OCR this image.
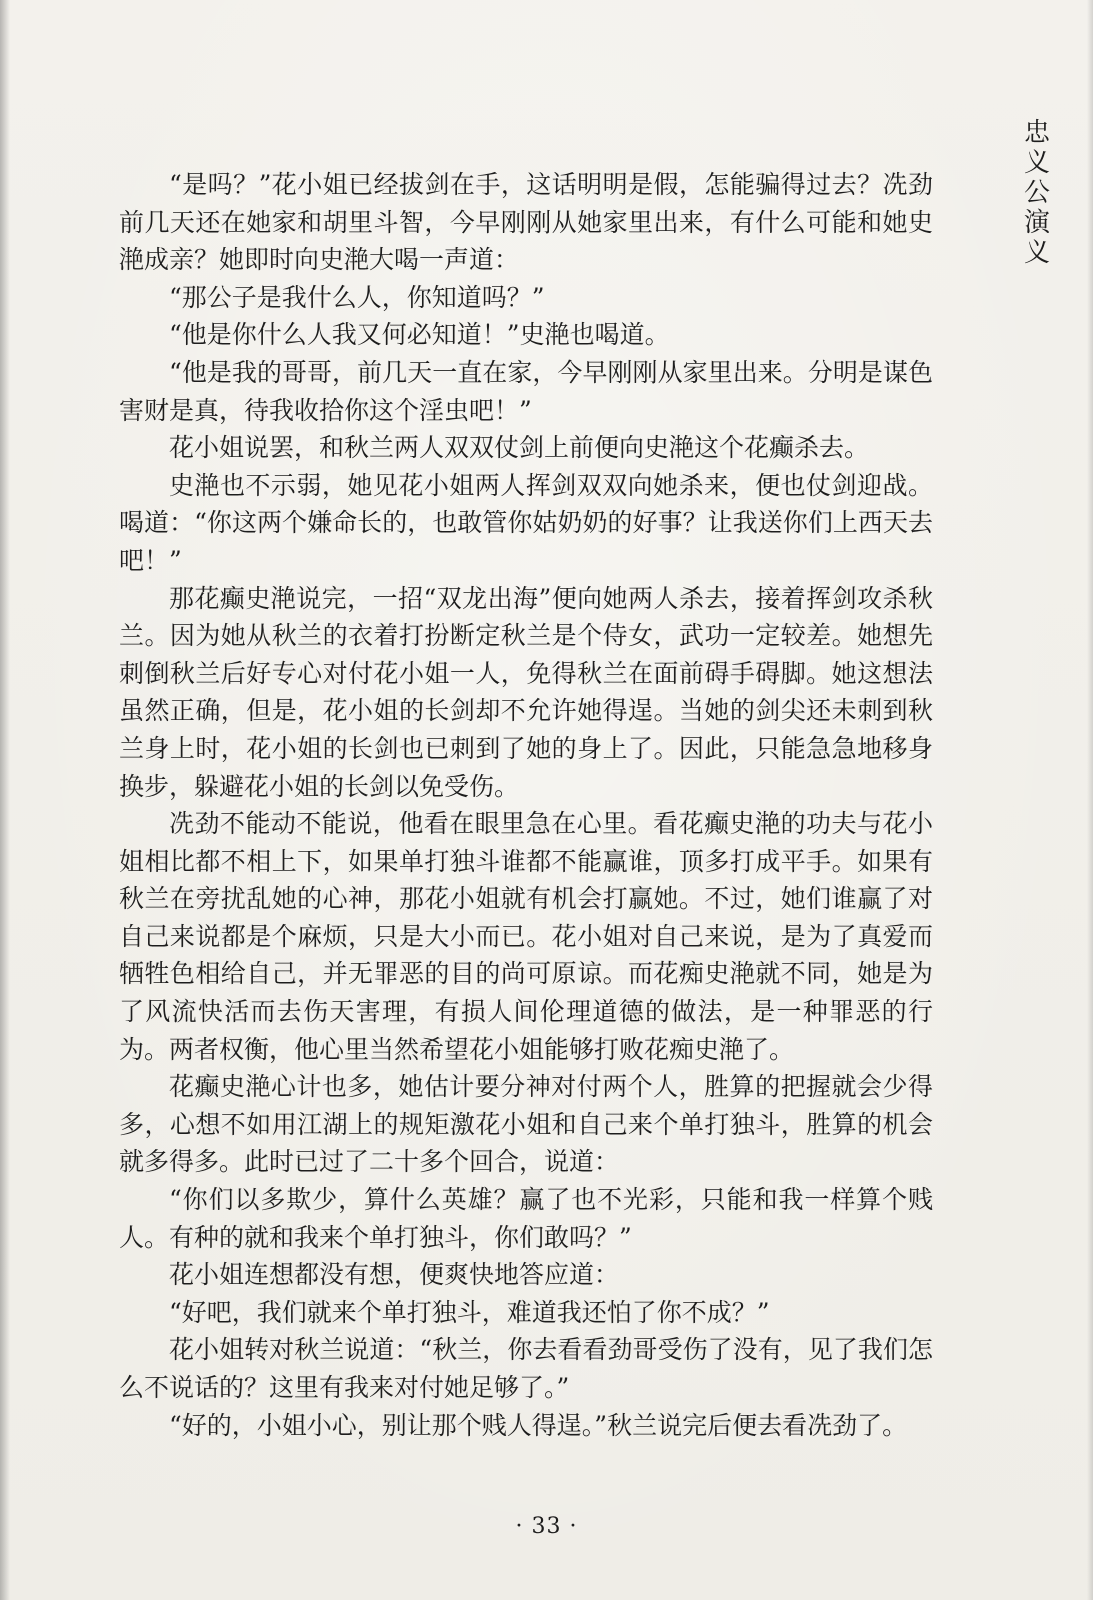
忠义公演义

“是吗？”花小姐已经拔剑在手，这话明明是假，怎能骗得过去？冼劲前几天还在她家和胡里斗智，今早刚刚从她家里出来，有什么可能和她史滟成亲？她即时向史滟大喝一声道：

“那公子是我什么人，你知道吗？”

“他是你什么人我又何必知道！”史滟也喝道。

“他是我的哥哥，前几天一直在家，今早刚刚从家里出来。分明是谋色害财是真，待我收拾你这个淫虫吧！”

花小姐说罢，和秋兰两人双双仗剑上前便向史滟这个花癫杀去。

史滟也不示弱，她见花小姐两人挥剑双双向她杀来，便也仗剑迎战。喝道：“你这两个嫌命长的，也敢管你姑奶奶的好事？让我送你们上西天去吧！”

那花癫史滟说完，一招“双龙出海”便向她两人杀去，接着挥剑攻杀秋兰。因为她从秋兰的衣着打扮断定秋兰是个侍女，武功一定较差。她想先刺倒秋兰后好专心对付花小姐一人，免得秋兰在面前碍手碍脚。她这想法虽然正确，但是，花小姐的长剑却不允许她得逞。当她的剑尖还未刺到秋兰身上时，花小姐的长剑也已刺到了她的身上了。因此，只能急急地移身换步，躲避花小姐的长剑以免受伤。

冼劲不能动不能说，他看在眼里急在心里。看花癫史滟的功夫与花小姐相比都不相上下，如果单打独斗谁都不能赢谁，顶多打成平手。如果有秋兰在旁扰乱她的心神，那花小姐就有机会打赢她。不过，她们谁赢了对自己来说都是个麻烦，只是大小而已。花小姐对自己来说，是为了真爱而牺牲色相给自己，并无罪恶的目的尚可原谅。而花痴史滟就不同，她是为了风流快活而去伤天害理，有损人间伦理道德的做法，是一种罪恶的行为。两者权衡，他心里当然希望花小姐能够打败花痴史滟了。

花癫史滟心计也多，她估计要分神对付两个人，胜算的把握就会少得多，心想不如用江湖上的规矩激花小姐和自己来个单打独斗，胜算的机会就多得多。此时已过了二十多个回合，说道：

“你们以多欺少，算什么英雄？赢了也不光彩，只能和我一样算个贱人。有种的就和我来个单打独斗，你们敢吗？”

花小姐连想都没有想，便爽快地答应道：

“好吧，我们就来个单打独斗，难道我还怕了你不成？”

花小姐转对秋兰说道：“秋兰，你去看看劲哥受伤了没有，见了我们怎么不说话的？这里有我来对付她足够了。”

“好的，小姐小心，别让那个贱人得逞。”秋兰说完后便去看冼劲了。

· 33 ·
